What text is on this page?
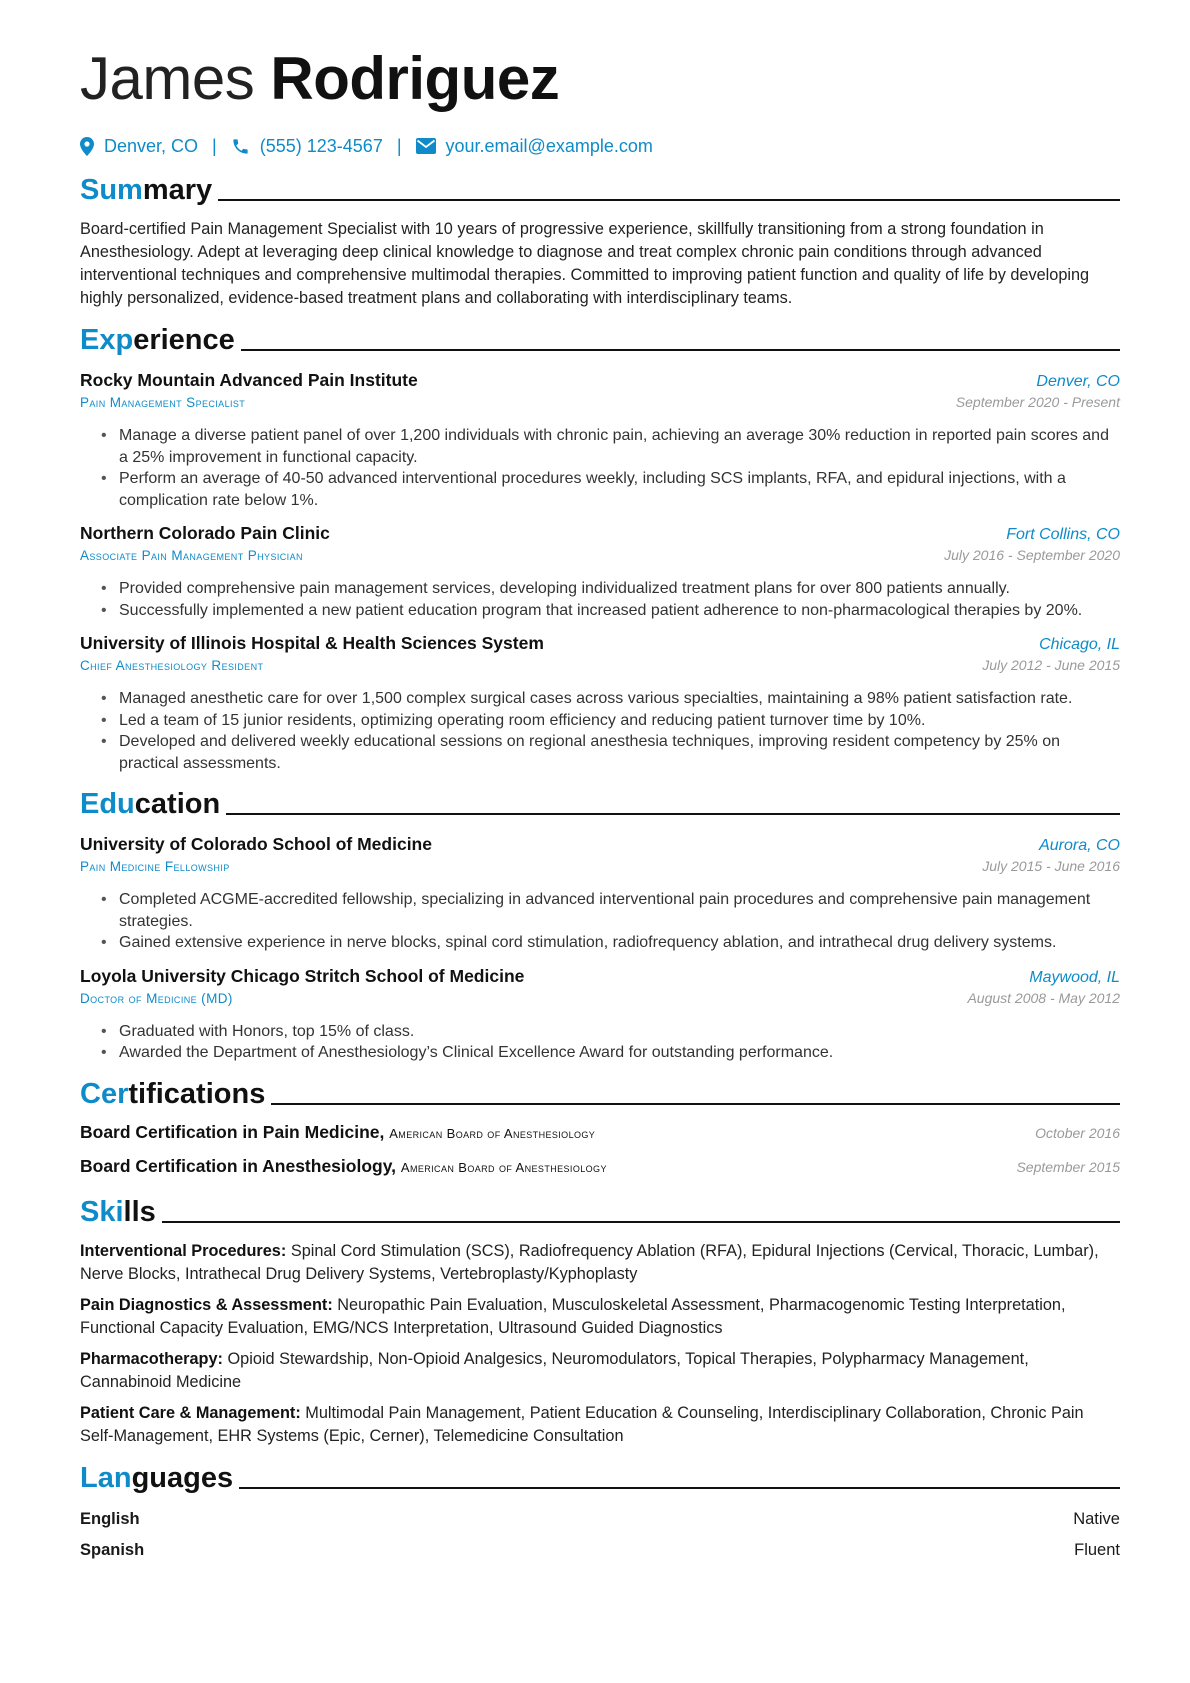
James Rodriguez
Denver, CO | (555) 123-4567 | your.email@example.com
Summary

Board-certified Pain Management Specialist with 10 years of progressive experience, skillfully transitioning from a strong foundation in Anesthesiology. Adept at leveraging deep clinical knowledge to diagnose and treat complex chronic pain conditions through advanced interventional techniques and comprehensive multimodal therapies. Committed to improving patient function and quality of life by developing highly personalized, evidence-based treatment plans and collaborating with interdisciplinary teams.

Experience
Rocky Mountain Advanced Pain Institute	Denver, CO
Pain Management Specialist	September 2020 - Present
• Manage a diverse patient panel of over 1,200 individuals with chronic pain, achieving an average 30% reduction in reported pain scores and a 25% improvement in functional capacity.
• Perform an average of 40-50 advanced interventional procedures weekly, including SCS implants, RFA, and epidural injections, with a complication rate below 1%.
Northern Colorado Pain Clinic	Fort Collins, CO
Associate Pain Management Physician	July 2016 - September 2020
• Provided comprehensive pain management services, developing individualized treatment plans for over 800 patients annually.
• Successfully implemented a new patient education program that increased patient adherence to non-pharmacological therapies by 20%.
University of Illinois Hospital & Health Sciences System	Chicago, IL
Chief Anesthesiology Resident	July 2012 - June 2015
• Managed anesthetic care for over 1,500 complex surgical cases across various specialties, maintaining a 98% patient satisfaction rate.
• Led a team of 15 junior residents, optimizing operating room efficiency and reducing patient turnover time by 10%.
• Developed and delivered weekly educational sessions on regional anesthesia techniques, improving resident competency by 25% on practical assessments.
Education
University of Colorado School of Medicine	Aurora, CO
Pain Medicine Fellowship	July 2015 - June 2016
• Completed ACGME-accredited fellowship, specializing in advanced interventional pain procedures and comprehensive pain management strategies.
• Gained extensive experience in nerve blocks, spinal cord stimulation, radiofrequency ablation, and intrathecal drug delivery systems.
Loyola University Chicago Stritch School of Medicine	Maywood, IL
Doctor of Medicine (MD)	August 2008 - May 2012
• Graduated with Honors, top 15% of class.
• Awarded the Department of Anesthesiology’s Clinical Excellence Award for outstanding performance.
Certifications
Board Certification in Pain Medicine, American Board of Anesthesiology	October 2016
Board Certification in Anesthesiology, American Board of Anesthesiology	September 2015
Skills

Interventional Procedures: Spinal Cord Stimulation (SCS), Radiofrequency Ablation (RFA), Epidural Injections (Cervical, Thoracic, Lumbar), Nerve Blocks, Intrathecal Drug Delivery Systems, Vertebroplasty/Kyphoplasty

Pain Diagnostics & Assessment: Neuropathic Pain Evaluation, Musculoskeletal Assessment, Pharmacogenomic Testing Interpretation, Functional Capacity Evaluation, EMG/NCS Interpretation, Ultrasound Guided Diagnostics

Pharmacotherapy: Opioid Stewardship, Non-Opioid Analgesics, Neuromodulators, Topical Therapies, Polypharmacy Management, Cannabinoid Medicine

Patient Care & Management: Multimodal Pain Management, Patient Education & Counseling, Interdisciplinary Collaboration, Chronic Pain Self-Management, EHR Systems (Epic, Cerner), Telemedicine Consultation

Languages
English	Native
Spanish	Fluent
